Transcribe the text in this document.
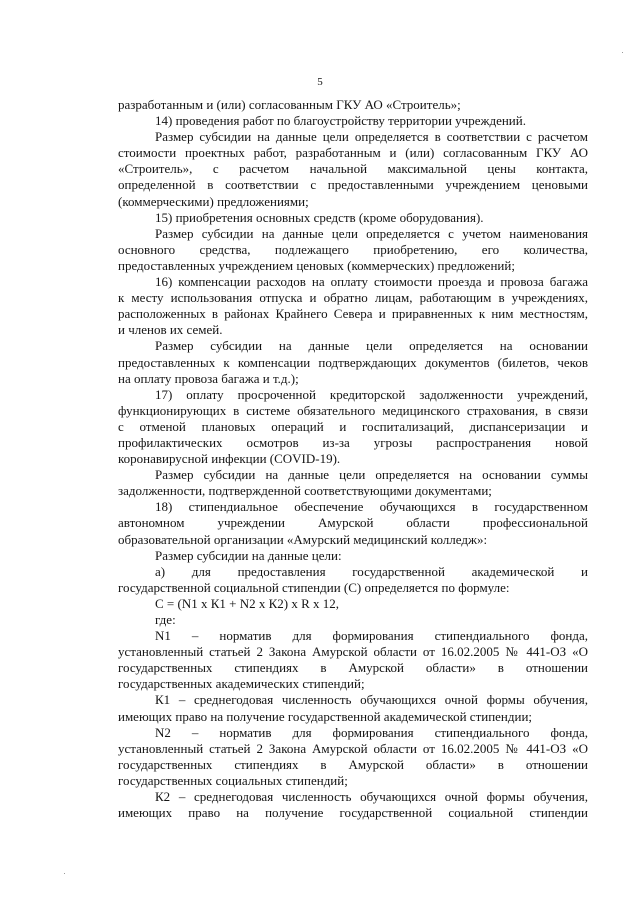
5
разработанным и (или) согласованным ГКУ АО «Строитель»;
14) проведения работ по благоустройству территории учреждений.
Размер субсидии на данные цели определяется в соответствии с расчетом
стоимости проектных работ, разработанным и (или) согласованным ГКУ АО
«Строитель», с расчетом начальной максимальной цены контакта,
определенной в соответствии с предоставленными учреждением ценовыми
(коммерческими) предложениями;
15) приобретения основных средств (кроме оборудования).
Размер субсидии на данные цели определяется с учетом наименования
основного средства, подлежащего приобретению, его количества,
предоставленных учреждением ценовых (коммерческих) предложений;
16) компенсации расходов на оплату стоимости проезда и провоза багажа
к месту использования отпуска и обратно лицам, работающим в учреждениях,
расположенных в районах Крайнего Севера и приравненных к ним местностям,
и членов их семей.
Размер субсидии на данные цели определяется на основании
предоставленных к компенсации подтверждающих документов (билетов, чеков
на оплату провоза багажа и т.д.);
17) оплату просроченной кредиторской задолженности учреждений,
функционирующих в системе обязательного медицинского страхования, в связи
с отменой плановых операций и госпитализаций, диспансеризации и
профилактических осмотров из-за угрозы распространения новой
коронавирусной инфекции (COVID-19).
Размер субсидии на данные цели определяется на основании суммы
задолженности, подтвержденной соответствующими документами;
18) стипендиальное обеспечение обучающихся в государственном
автономном учреждении Амурской области профессиональной
образовательной организации «Амурский медицинский колледж»:
Размер субсидии на данные цели:
а) для предоставления государственной академической и
государственной социальной стипендии (С) определяется по формуле:
С = (N1 х К1 + N2 х К2) х R х 12,
где:
N1 – норматив для формирования стипендиального фонда,
установленный статьей 2 Закона Амурской области от 16.02.2005 № 441-ОЗ «О
государственных стипендиях в Амурской области» в отношении
государственных академических стипендий;
К1 – среднегодовая численность обучающихся очной формы обучения,
имеющих право на получение государственной академической стипендии;
N2 – норматив для формирования стипендиального фонда,
установленный статьей 2 Закона Амурской области от 16.02.2005 № 441-ОЗ «О
государственных стипендиях в Амурской области» в отношении
государственных социальных стипендий;
К2 – среднегодовая численность обучающихся очной формы обучения,
имеющих право на получение государственной социальной стипендии
